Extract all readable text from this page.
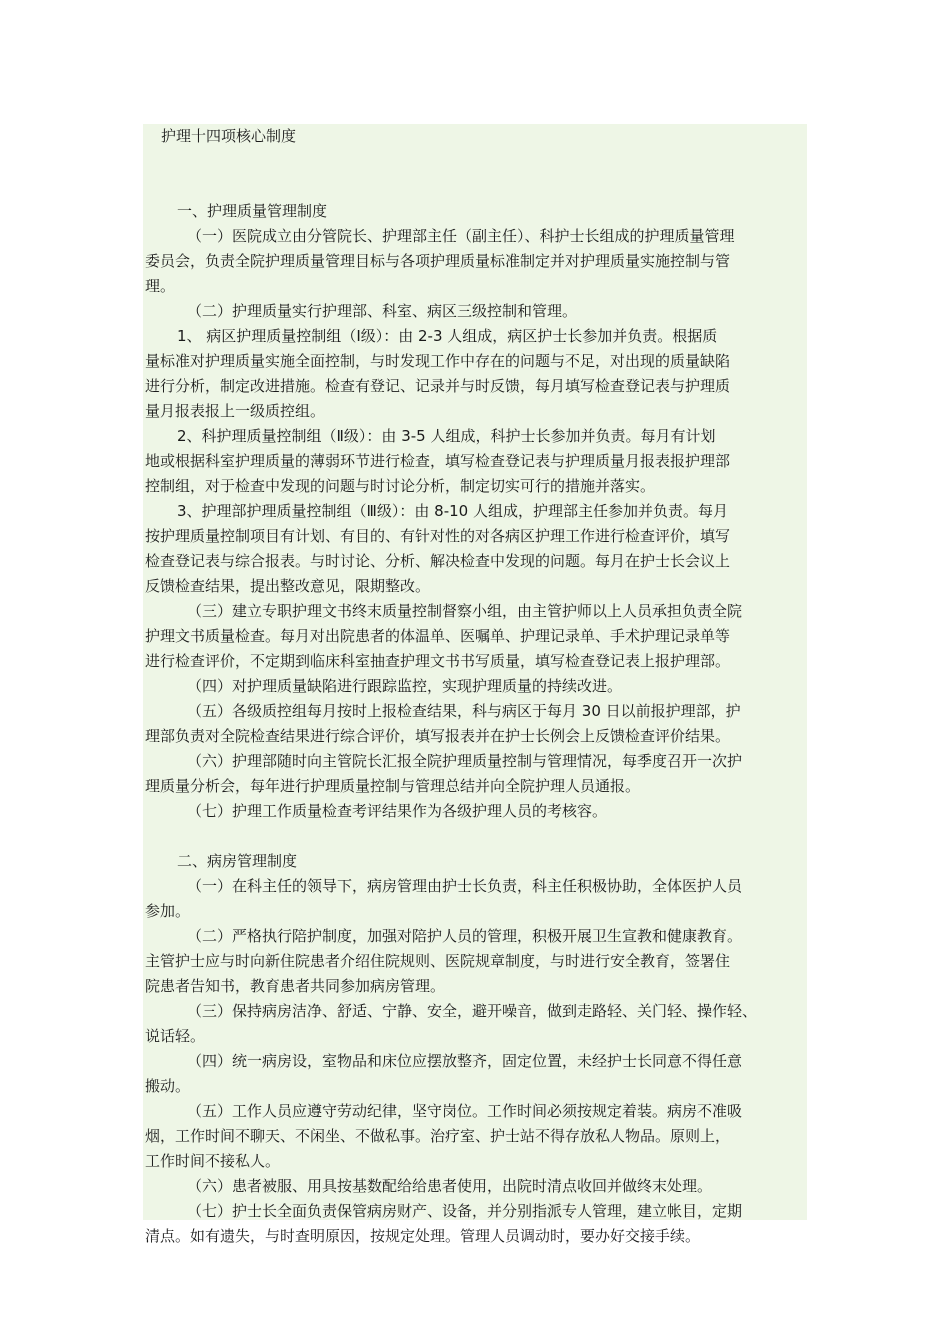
护理十四项核心制度
一、护理质量管理制度
（一）医院成立由分管院长、护理部主任（副主任）、科护士长组成的护理质量管理
委员会，负责全院护理质量管理目标与各项护理质量标准制定并对护理质量实施控制与管
理。
（二）护理质量实行护理部、科室、病区三级控制和管理。
1、 病区护理质量控制组（Ⅰ级）：由 2-3 人组成，病区护士长参加并负责。根据质
量标准对护理质量实施全面控制，与时发现工作中存在的问题与不足，对出现的质量缺陷
进行分析，制定改进措施。检查有登记、记录并与时反馈，每月填写检查登记表与护理质
量月报表报上一级质控组。
2、科护理质量控制组（Ⅱ级）：由 3-5 人组成，科护士长参加并负责。每月有计划
地或根据科室护理质量的薄弱环节进行检查，填写检查登记表与护理质量月报表报护理部
控制组，对于检查中发现的问题与时讨论分析，制定切实可行的措施并落实。
3、护理部护理质量控制组（Ⅲ级）：由 8-10 人组成，护理部主任参加并负责。每月
按护理质量控制项目有计划、有目的、有针对性的对各病区护理工作进行检查评价，填写
检查登记表与综合报表。与时讨论、分析、解决检查中发现的问题。每月在护士长会议上
反馈检查结果，提出整改意见，限期整改。
（三）建立专职护理文书终末质量控制督察小组，由主管护师以上人员承担负责全院
护理文书质量检查。每月对出院患者的体温单、医嘱单、护理记录单、手术护理记录单等
进行检查评价，不定期到临床科室抽查护理文书书写质量，填写检查登记表上报护理部。
（四）对护理质量缺陷进行跟踪监控，实现护理质量的持续改进。
（五）各级质控组每月按时上报检查结果，科与病区于每月 30 日以前报护理部，护
理部负责对全院检查结果进行综合评价，填写报表并在护士长例会上反馈检查评价结果。
（六）护理部随时向主管院长汇报全院护理质量控制与管理情况，每季度召开一次护
理质量分析会，每年进行护理质量控制与管理总结并向全院护理人员通报。
（七）护理工作质量检查考评结果作为各级护理人员的考核容。
二、病房管理制度
（一）在科主任的领导下，病房管理由护士长负责，科主任积极协助，全体医护人员
参加。
（二）严格执行陪护制度，加强对陪护人员的管理，积极开展卫生宣教和健康教育。
主管护士应与时向新住院患者介绍住院规则、医院规章制度，与时进行安全教育，签署住
院患者告知书，教育患者共同参加病房管理。
（三）保持病房洁净、舒适、宁静、安全，避开噪音，做到走路轻、关门轻、操作轻、
说话轻。
（四）统一病房设，室物品和床位应摆放整齐，固定位置，未经护士长同意不得任意
搬动。
（五）工作人员应遵守劳动纪律，坚守岗位。工作时间必须按规定着装。病房不准吸
烟，工作时间不聊天、不闲坐、不做私事。治疗室、护士站不得存放私人物品。原则上，
工作时间不接私人。
（六）患者被服、用具按基数配给给患者使用，出院时清点收回并做终末处理。
（七）护士长全面负责保管病房财产、设备，并分别指派专人管理，建立帐目，定期
清点。如有遗失，与时查明原因，按规定处理。管理人员调动时，要办好交接手续。
